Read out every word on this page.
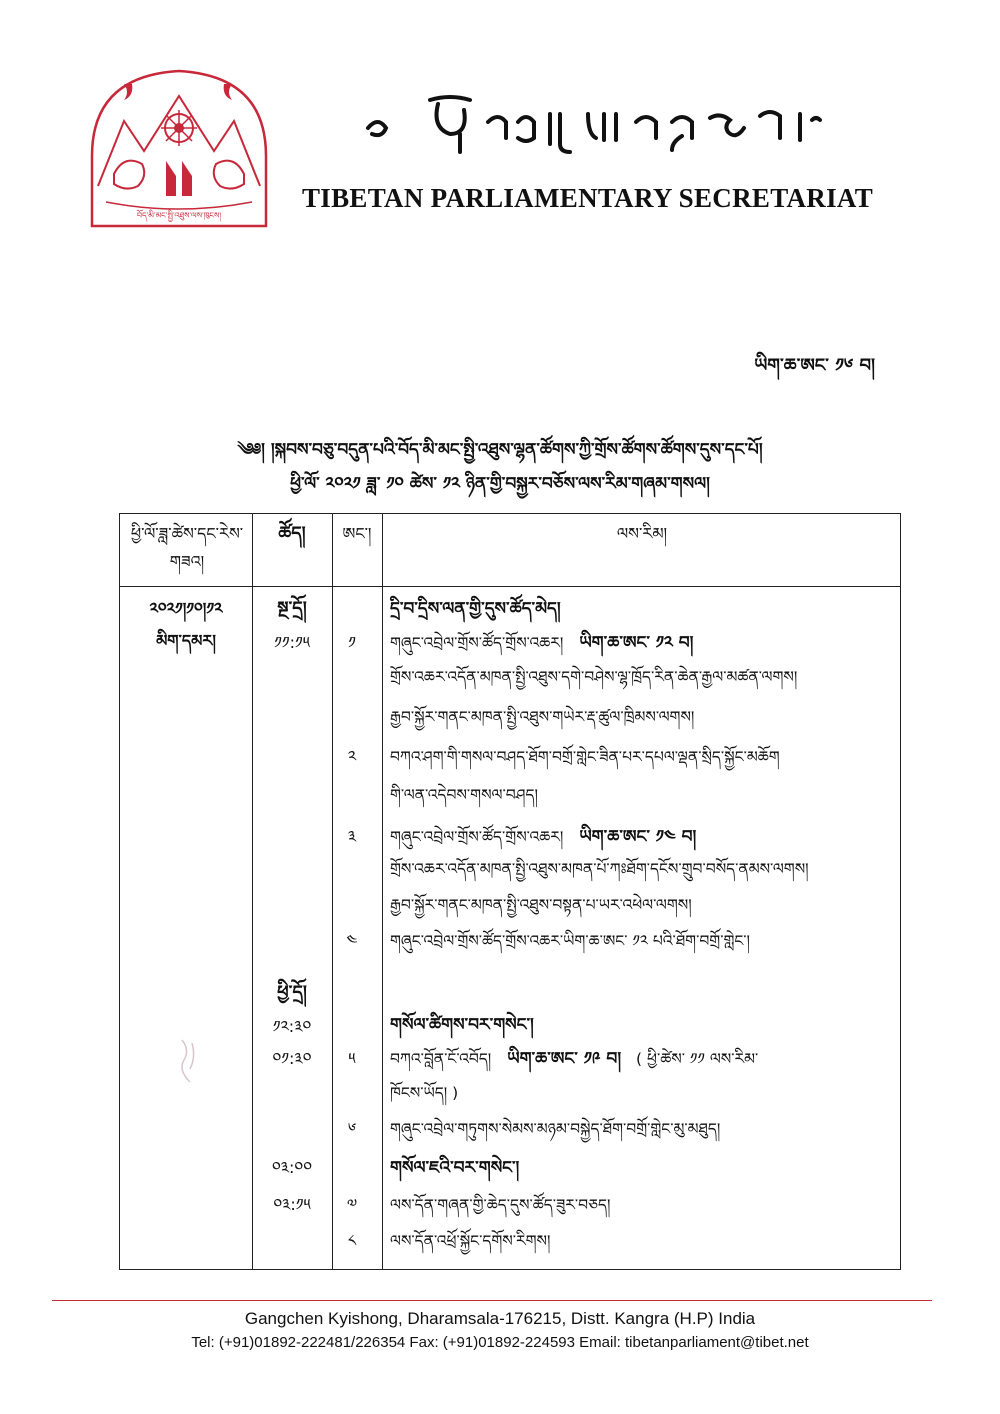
བོད་མི་མང་སྤྱི་འཐུས་ལས་ཁུངས།
TIBETAN PARLIAMENTARY SECRETARIAT
ཡིག་ཆ་ཨང་ ༡༦ བ།
༄༅། །སྐབས་བཅུ་བདུན་པའི་བོད་མི་མང་སྤྱི་འཐུས་ལྷན་ཚོགས་ཀྱི་གྲོས་ཚོགས་ཚོགས་དུས་དང་པོ།
ཕྱི་ལོ་ ༢༠༢༡ ཟླ་ ༡༠ ཚེས་ ༡༢ ཉིན་གྱི་བསྐྱར་བཅོས་ལས་རིམ་གཞམ་གསལ།
ཕྱི་ལོ་ཟླ་ཚེས་དང་རེས་གཟའ།
ཚོད།	ཨང་།	ལས་རིམ།
༢༠༢༡།༡༠།༡༢
མིག་དམར།
སྔ་དྲོ།
༡༡:༡༥
ཕྱི་དྲོ།
༡༢:༣༠
༠༡:༣༠
༠༣:༠༠
༠༣:༡༥
༡
༢
༣
༤
༥
༦
༧
༨
དྲི་བ་དྲིས་ལན་གྱི་དུས་ཚོད་མེད།
གཞུང་འབྲེལ་གྲོས་ཚོད་གྲོས་འཆར། ཡིག་ཆ་ཨང་ ༡༢ བ།
གྲོས་འཆར་འདོན་མཁན་སྤྱི་འཐུས་དགེ་བཤེས་ལྷ་ཁྲོད་རིན་ཆེན་རྒྱལ་མཚན་ལགས།
རྒྱབ་སྐྱོར་གནང་མཁན་སྤྱི་འཐུས་གཡེར་རྡ་ཚུལ་ཁྲིམས་ལགས།
བཀའ་ཤག་གི་གསལ་བཤད་ཐོག་བགྲོ་གླེང་ཟིན་པར་དཔལ་ལྡན་སྲིད་སྐྱོང་མཆོག
གི་ལན་འདེབས་གསལ་བཤད།
གཞུང་འབྲེལ་གྲོས་ཚོད་གྲོས་འཆར། ཡིག་ཆ་ཨང་ ༡༤ བ།
གྲོས་འཆར་འདོན་མཁན་སྤྱི་འཐུས་མཁན་པོ་ཀཿཐོག་དངོས་གྲུབ་བསོད་ནམས་ལགས།
རྒྱབ་སྐྱོར་གནང་མཁན་སྤྱི་འཐུས་བསྟན་པ་ཡར་འཕེལ་ལགས།
གཞུང་འབྲེལ་གྲོས་ཚོད་གྲོས་འཆར་ཡིག་ཆ་ཨང་ ༡༢ པའི་ཐོག་བགྲོ་གླེང་།
གསོལ་ཚིགས་བར་གསེང་།
བཀའ་བློན་ངོ་འབོད། ཡིག་ཆ་ཨང་ ༡༩ བ། ( ཕྱི་ཚེས་ ༡༡ ལས་རིམ་
ཁོངས་ཡོད། )
གཞུང་འབྲེལ་གཏུགས་སེམས་མཉམ་བསྐྱེད་ཐོག་བགྲོ་གླེང་མུ་མཐུད།
གསོལ་ཇའི་བར་གསེང་།
ལས་དོན་གཞན་གྱི་ཆེད་དུས་ཚོད་ཟུར་བཅད།
ལས་དོན་འཕྲོ་སྐྱོང་དགོས་རིགས།
Gangchen Kyishong, Dharamsala-176215, Distt. Kangra (H.P) India
Tel: (+91)01892-222481/226354 Fax: (+91)01892-224593 Email: tibetanparliament@tibet.net
